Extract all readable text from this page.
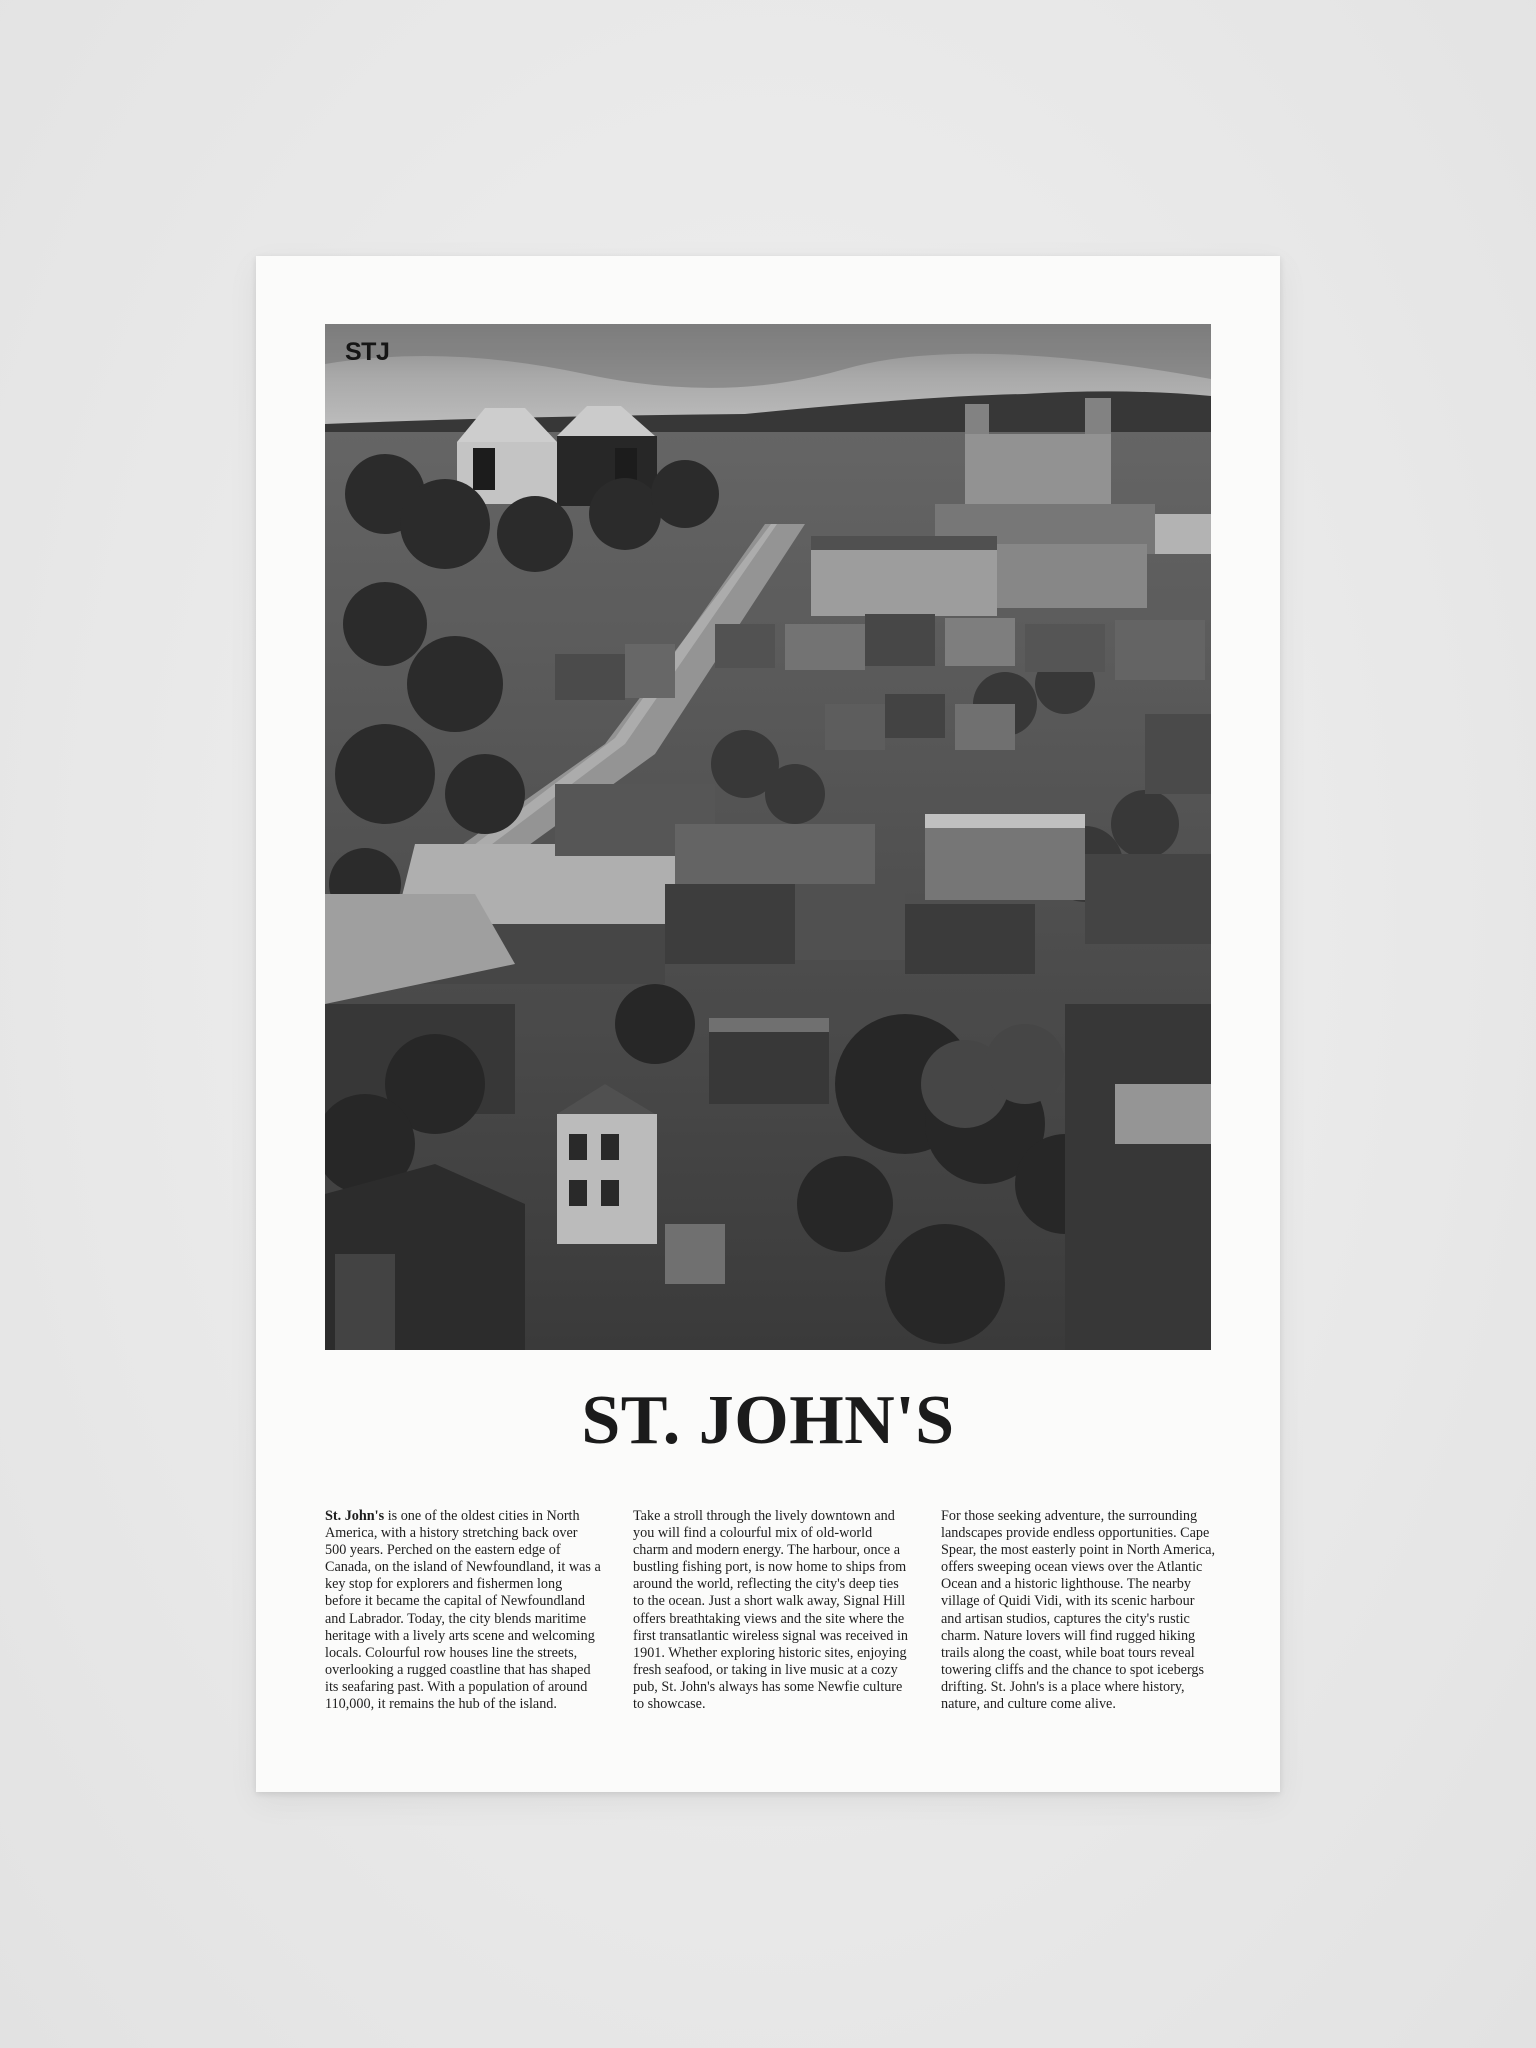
STJ
ST. JOHN'S
St. John's is one of the oldest cities in North America, with a history stretching back over 500 years. Perched on the eastern edge of Canada, on the island of Newfoundland, it was a key stop for explorers and fishermen long before it became the capital of Newfoundland and Labrador. Today, the city blends maritime heritage with a lively arts scene and welcoming locals. Colourful row houses line the streets, overlooking a rugged coastline that has shaped its seafaring past. With a population of around 110,000, it remains the hub of the island.
Take a stroll through the lively downtown and you will find a colourful mix of old-world charm and modern energy. The harbour, once a bustling fishing port, is now home to ships from around the world, reflecting the city's deep ties to the ocean. Just a short walk away, Signal Hill offers breathtaking views and the site where the first transatlantic wireless signal was received in 1901. Whether exploring historic sites, enjoying fresh seafood, or taking in live music at a cozy pub, St. John's always has some Newfie culture to showcase.
For those seeking adventure, the surrounding landscapes provide endless opportunities. Cape Spear, the most easterly point in North America, offers sweeping ocean views over the Atlantic Ocean and a historic lighthouse. The nearby village of Quidi Vidi, with its scenic harbour and artisan studios, captures the city's rustic charm. Nature lovers will find rugged hiking trails along the coast, while boat tours reveal towering cliffs and the chance to spot icebergs drifting. St. John's is a place where history, nature, and culture come alive.
